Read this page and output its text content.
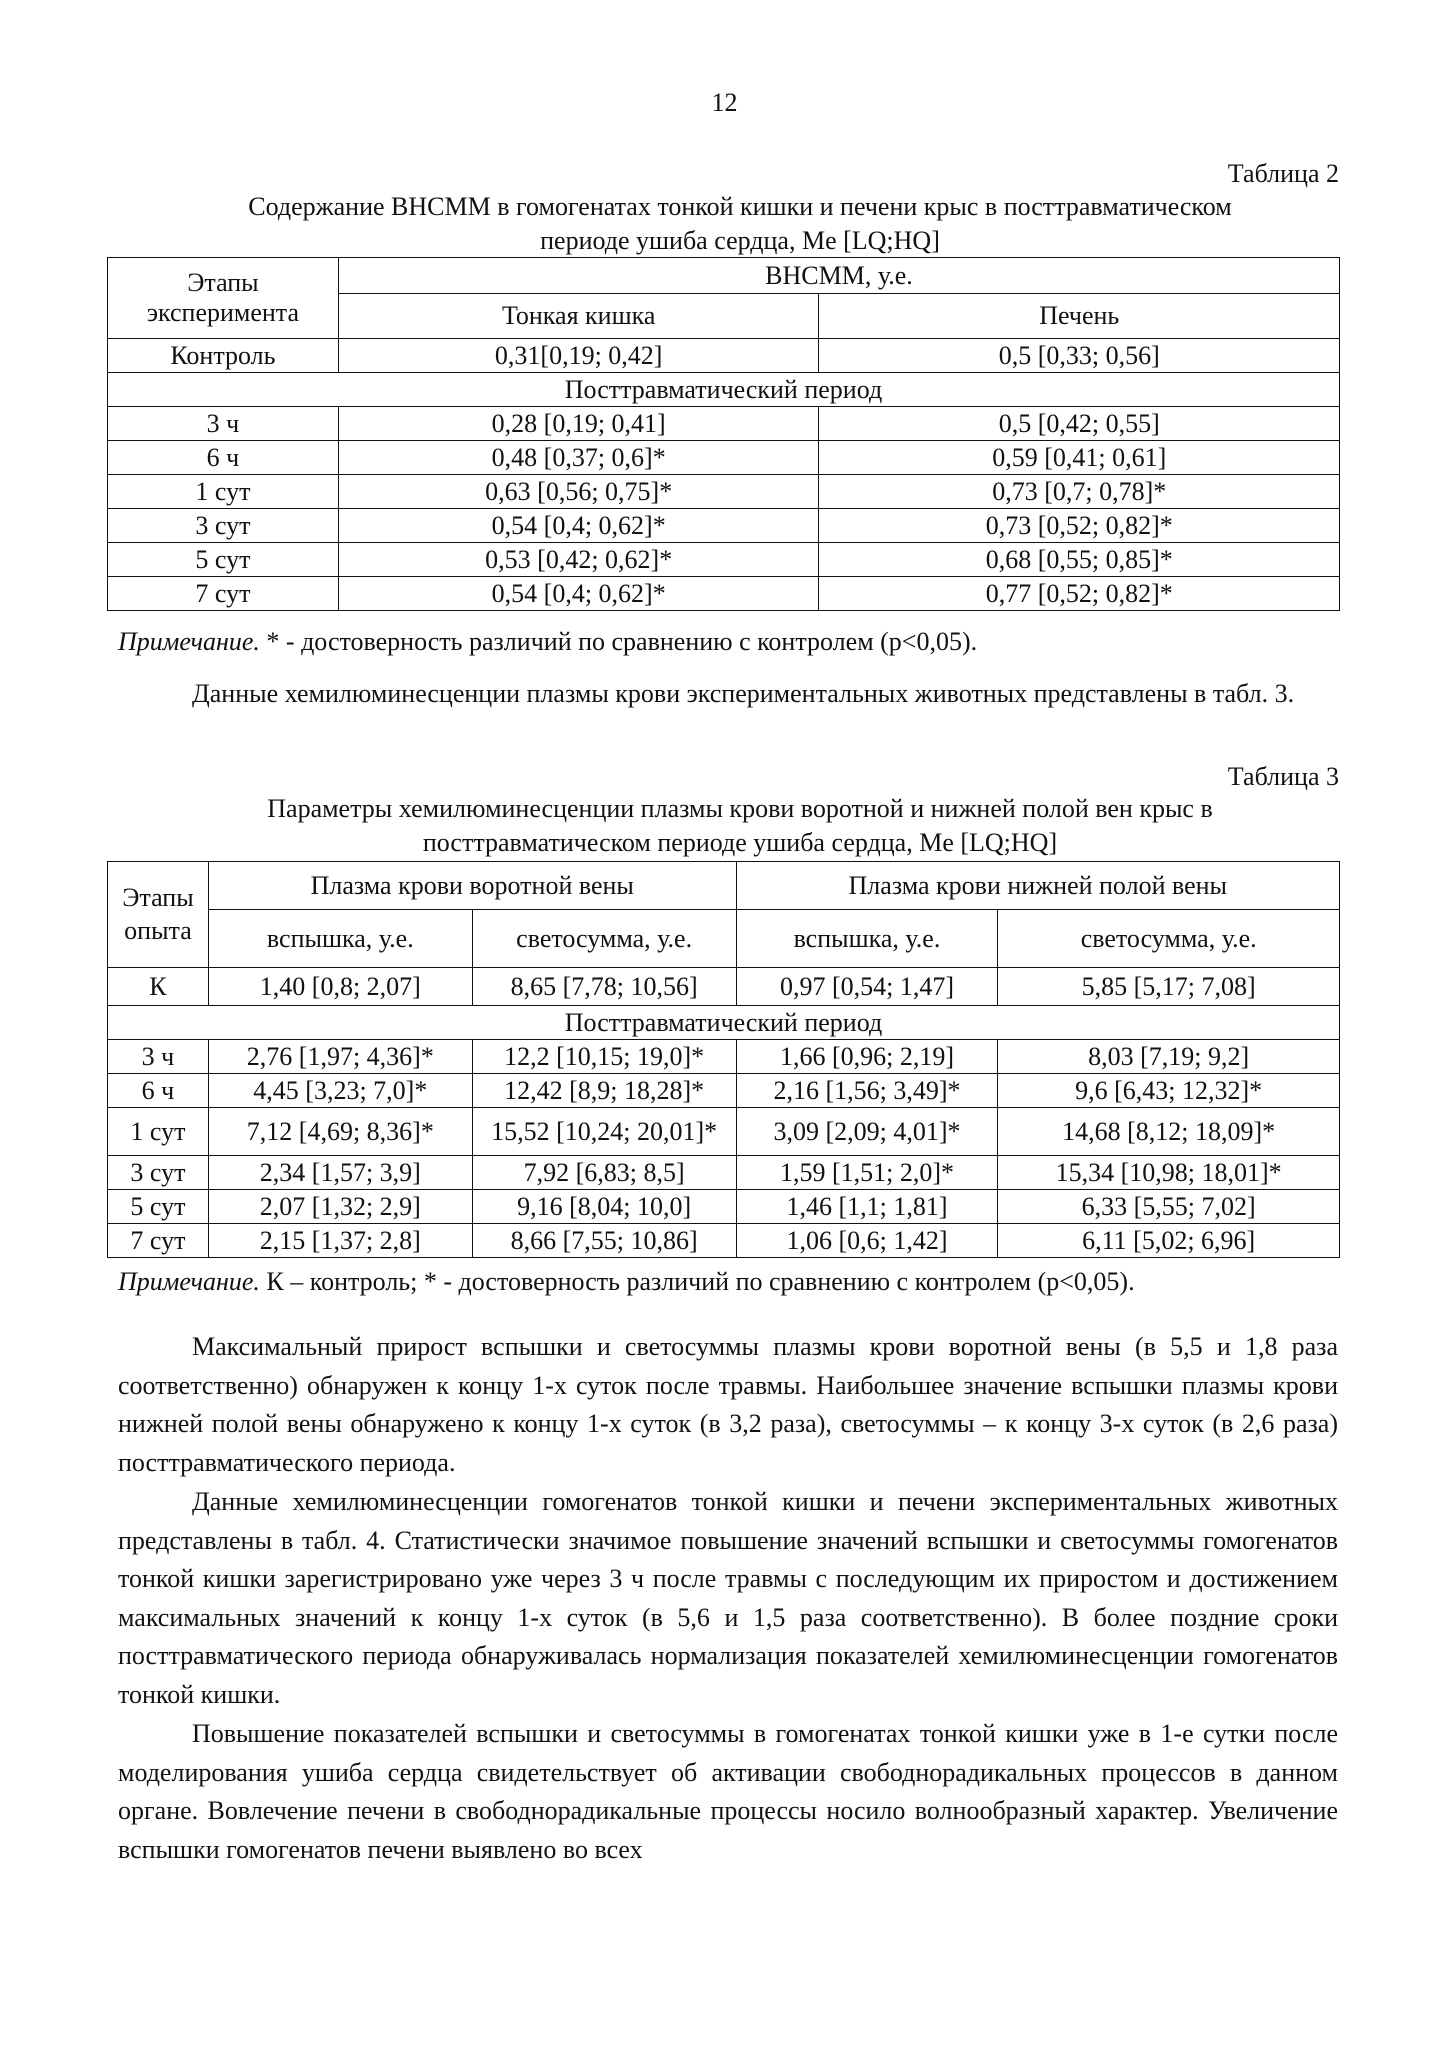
12
Таблица 2
Содержание ВНСММ в гомогенатах тонкой кишки и печени крыс в посттравматическом
периоде ушиба сердца, Me [LQ;HQ]
Этапы эксперимента	ВНСММ, у.е.	
	Тонкая кишка	Печень
Контроль	0,31[0,19; 0,42]	0,5 [0,33; 0,56]
Посттравматический период		
3 ч	0,28 [0,19; 0,41]	0,5 [0,42; 0,55]
6 ч	0,48 [0,37; 0,6]*	0,59 [0,41; 0,61]
1 сут	0,63 [0,56; 0,75]*	0,73 [0,7; 0,78]*
3 сут	0,54 [0,4; 0,62]*	0,73 [0,52; 0,82]*
5 сут	0,53 [0,42; 0,62]*	0,68 [0,55; 0,85]*
7 сут	0,54 [0,4; 0,62]*	0,77 [0,52; 0,82]*
Примечание. * - достоверность различий по сравнению с контролем (p<0,05).

Данные хемилюминесценции плазмы крови экспериментальных животных представлены в табл. 3.

Таблица 3
Параметры хемилюминесценции плазмы крови воротной и нижней полой вен крыс в
посттравматическом периоде ушиба сердца, Me [LQ;HQ]
Этапы опыта	Плазма крови воротной вены		Плазма крови нижней полой вены	
	вспышка, у.е.	светосумма, у.е.	вспышка, у.е.	светосумма, у.е.
К	1,40 [0,8; 2,07]	8,65 [7,78; 10,56]	0,97 [0,54; 1,47]	5,85 [5,17; 7,08]
Посттравматический период				
3 ч	2,76 [1,97; 4,36]*	12,2 [10,15; 19,0]*	1,66 [0,96; 2,19]	8,03 [7,19; 9,2]
6 ч	4,45 [3,23; 7,0]*	12,42 [8,9; 18,28]*	2,16 [1,56; 3,49]*	9,6 [6,43; 12,32]*
1 сут	7,12 [4,69; 8,36]*	15,52 [10,24; 20,01]*	3,09 [2,09; 4,01]*	14,68 [8,12; 18,09]*
3 сут	2,34 [1,57; 3,9]	7,92 [6,83; 8,5]	1,59 [1,51; 2,0]*	15,34 [10,98; 18,01]*
5 сут	2,07 [1,32; 2,9]	9,16 [8,04; 10,0]	1,46 [1,1; 1,81]	6,33 [5,55; 7,02]
7 сут	2,15 [1,37; 2,8]	8,66 [7,55; 10,86]	1,06 [0,6; 1,42]	6,11 [5,02; 6,96]
Примечание. К – контроль; * - достоверность различий по сравнению с контролем (p<0,05).

Максимальный прирост вспышки и светосуммы плазмы крови воротной вены (в 5,5 и 1,8 раза соответственно) обнаружен к концу 1-х суток после травмы. Наибольшее значение вспышки плазмы крови нижней полой вены обнаружено к концу 1-х суток (в 3,2 раза), светосуммы – к концу 3-х суток (в 2,6 раза) посттравматического периода.

Данные хемилюминесценции гомогенатов тонкой кишки и печени экспериментальных животных представлены в табл. 4. Статистически значимое повышение значений вспышки и светосуммы гомогенатов тонкой кишки зарегистрировано уже через 3 ч после травмы с последующим их приростом и достижением максимальных значений к концу 1-х суток (в 5,6 и 1,5 раза соответственно). В более поздние сроки посттравматического периода обнаруживалась нормализация показателей хемилюминесценции гомогенатов тонкой кишки.

Повышение показателей вспышки и светосуммы в гомогенатах тонкой кишки уже в 1-е сутки после моделирования ушиба сердца свидетельствует об активации свободнорадикальных процессов в данном органе. Вовлечение печени в свободнорадикальные процессы носило волнообразный характер. Увеличение вспышки гомогенатов печени выявлено во всех
